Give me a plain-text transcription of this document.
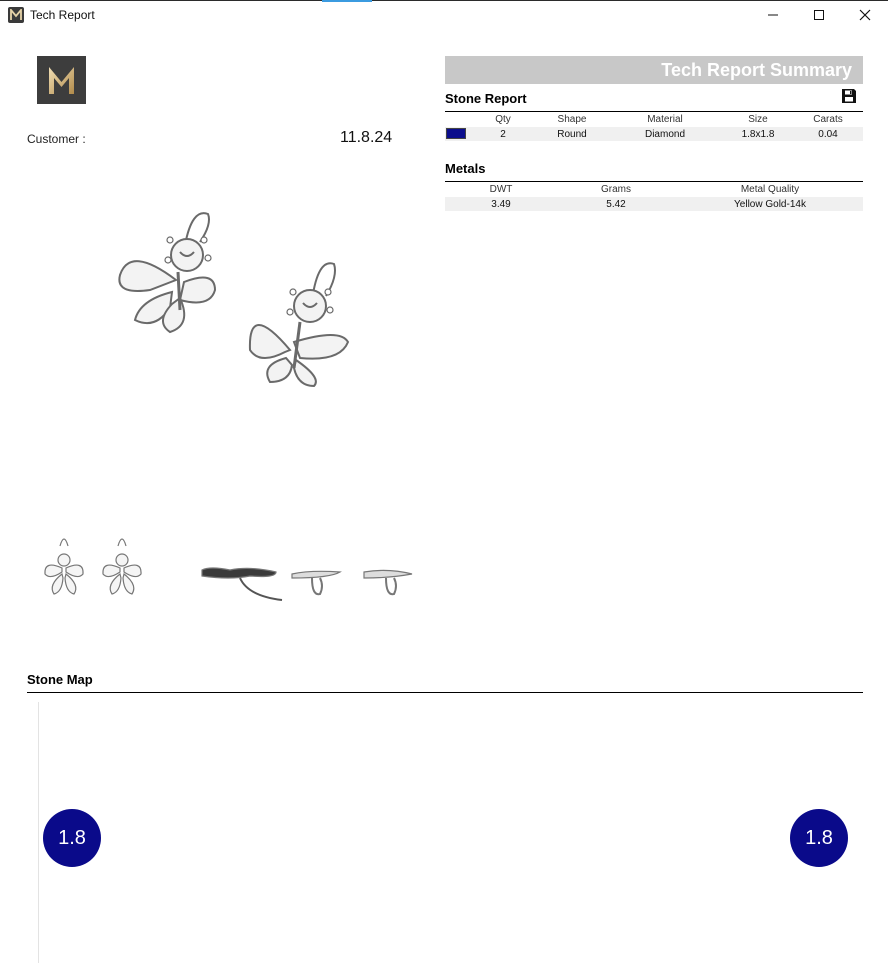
Tech Report
Customer :	11.8.24
Tech Report Summary
Stone Report
Qty	Shape	Material	Size	Carats
2	Round	Diamond	1.8x1.8	0.04
Metals
DWT	Grams	Metal Quality
3.49	5.42	Yellow Gold-14k
Stone Map
1.8	1.8
